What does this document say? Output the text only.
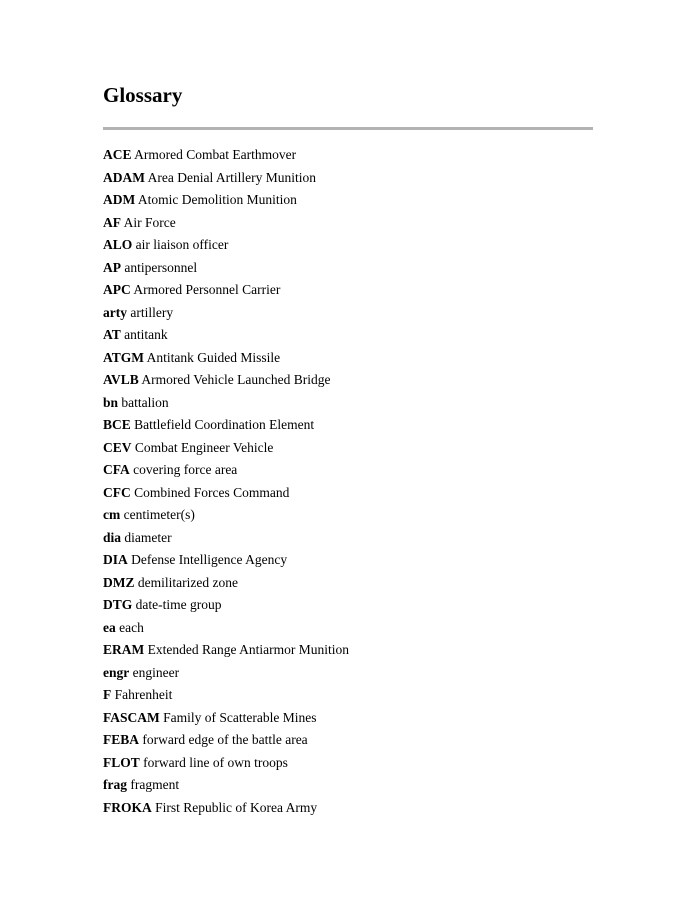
Glossary
ACE Armored Combat Earthmover
ADAM Area Denial Artillery Munition
ADM Atomic Demolition Munition
AF Air Force
ALO air liaison officer
AP antipersonnel
APC Armored Personnel Carrier
arty artillery
AT antitank
ATGM Antitank Guided Missile
AVLB Armored Vehicle Launched Bridge
bn battalion
BCE Battlefield Coordination Element
CEV Combat Engineer Vehicle
CFA covering force area
CFC Combined Forces Command
cm centimeter(s)
dia diameter
DIA Defense Intelligence Agency
DMZ demilitarized zone
DTG date-time group
ea each
ERAM Extended Range Antiarmor Munition
engr engineer
F Fahrenheit
FASCAM Family of Scatterable Mines
FEBA forward edge of the battle area
FLOT forward line of own troops
frag fragment
FROKA First Republic of Korea Army
